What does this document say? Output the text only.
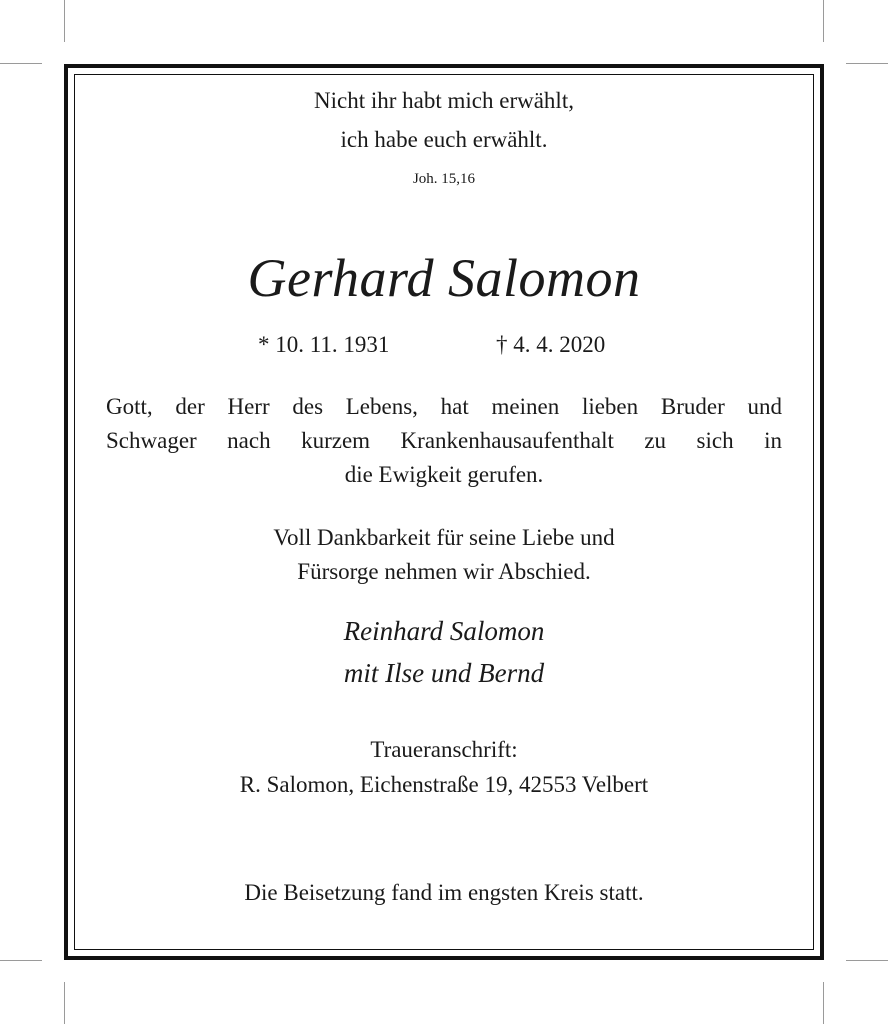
Nicht ihr habt mich erwählt,
ich habe euch erwählt.
Joh. 15,16
Gerhard Salomon
* 10. 11. 1931	† 4. 4. 2020
Gott, der Herr des Lebens, hat meinen lieben Bruder und
Schwager nach kurzem Krankenhausaufenthalt zu sich in
die Ewigkeit gerufen.
Voll Dankbarkeit für seine Liebe und
Fürsorge nehmen wir Abschied.
Reinhard Salomon
mit Ilse und Bernd
Traueranschrift:
R. Salomon, Eichenstraße 19, 42553 Velbert
Die Beisetzung fand im engsten Kreis statt.
